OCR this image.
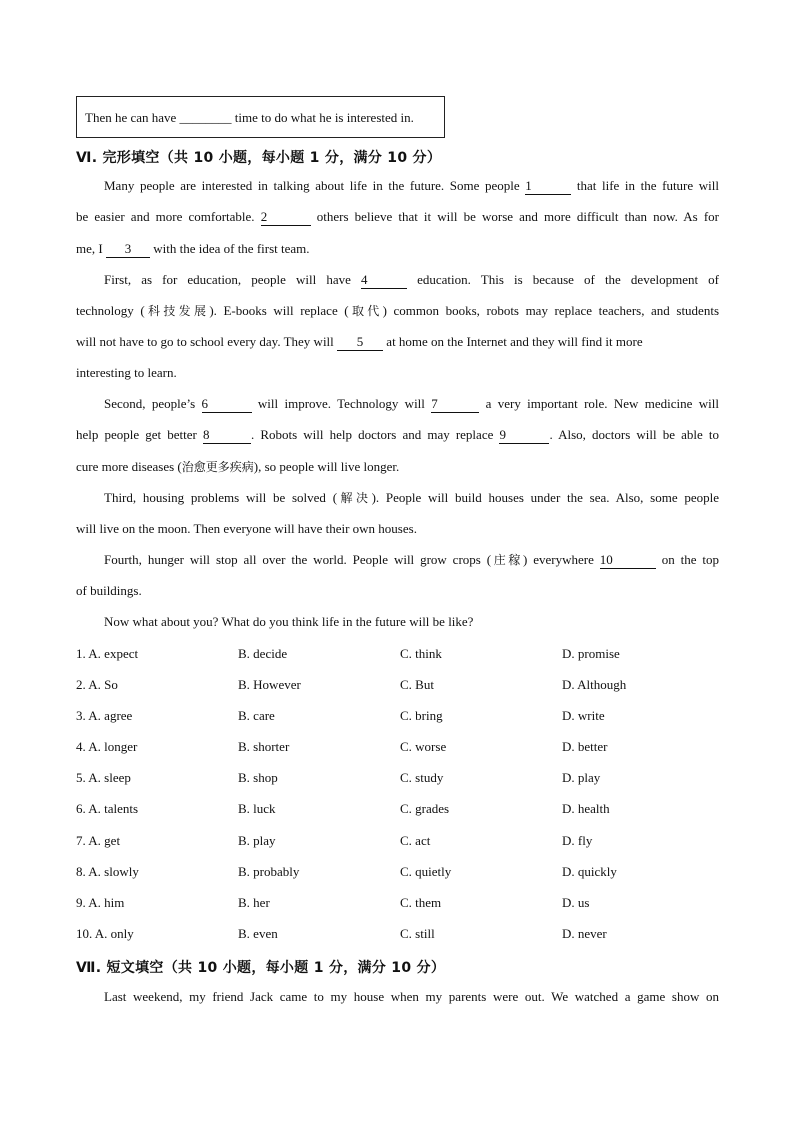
Then he can have ________ time to do what he is interested in.
Ⅵ. 完形填空（共 10 小题，每小题 1 分，满分 10 分）
Many people are interested in talking about life in the future. Some people 1	that life in the future will
be easier and more comfortable. 2	others believe that it will be worse and more difficult than now. As for
me, I 3 with the idea of the first team.
First, as for education, people will have 4	education. This is because of the development of
technology (科技发展). E-books will replace (取代) common books, robots may replace teachers, and students
will not have to go to school every day. They will 5 at home on the Internet and they will find it more
interesting to learn.
Second, people’s 6	will improve. Technology will 7	a very important role. New medicine will
help people get better 8	. Robots will help doctors and may replace 9	. Also, doctors will be able to
cure more diseases (治愈更多疾病), so people will live longer.
Third, housing problems will be solved (解决). People will build houses under the sea. Also, some people
will live on the moon. Then everyone will have their own houses.
Fourth, hunger will stop all over the world. People will grow crops (庄稼) everywhere 10	on the top
of buildings.
Now what about you? What do you think life in the future will be like?
1. A. expect	B. decide	C. think	D. promise
2. A. So	B. However	C. But	D. Although
3. A. agree	B. care	C. bring	D. write
4. A. longer	B. shorter	C. worse	D. better
5. A. sleep	B. shop	C. study	D. play
6. A. talents	B. luck	C. grades	D. health
7. A. get	B. play	C. act	D. fly
8. A. slowly	B. probably	C. quietly	D. quickly
9. A. him	B. her	C. them	D. us
10. A. only	B. even	C. still	D. never
Ⅶ. 短文填空（共 10 小题，每小题 1 分，满分 10 分）
Last weekend, my friend Jack came to my house when my parents were out. We watched a game show on
